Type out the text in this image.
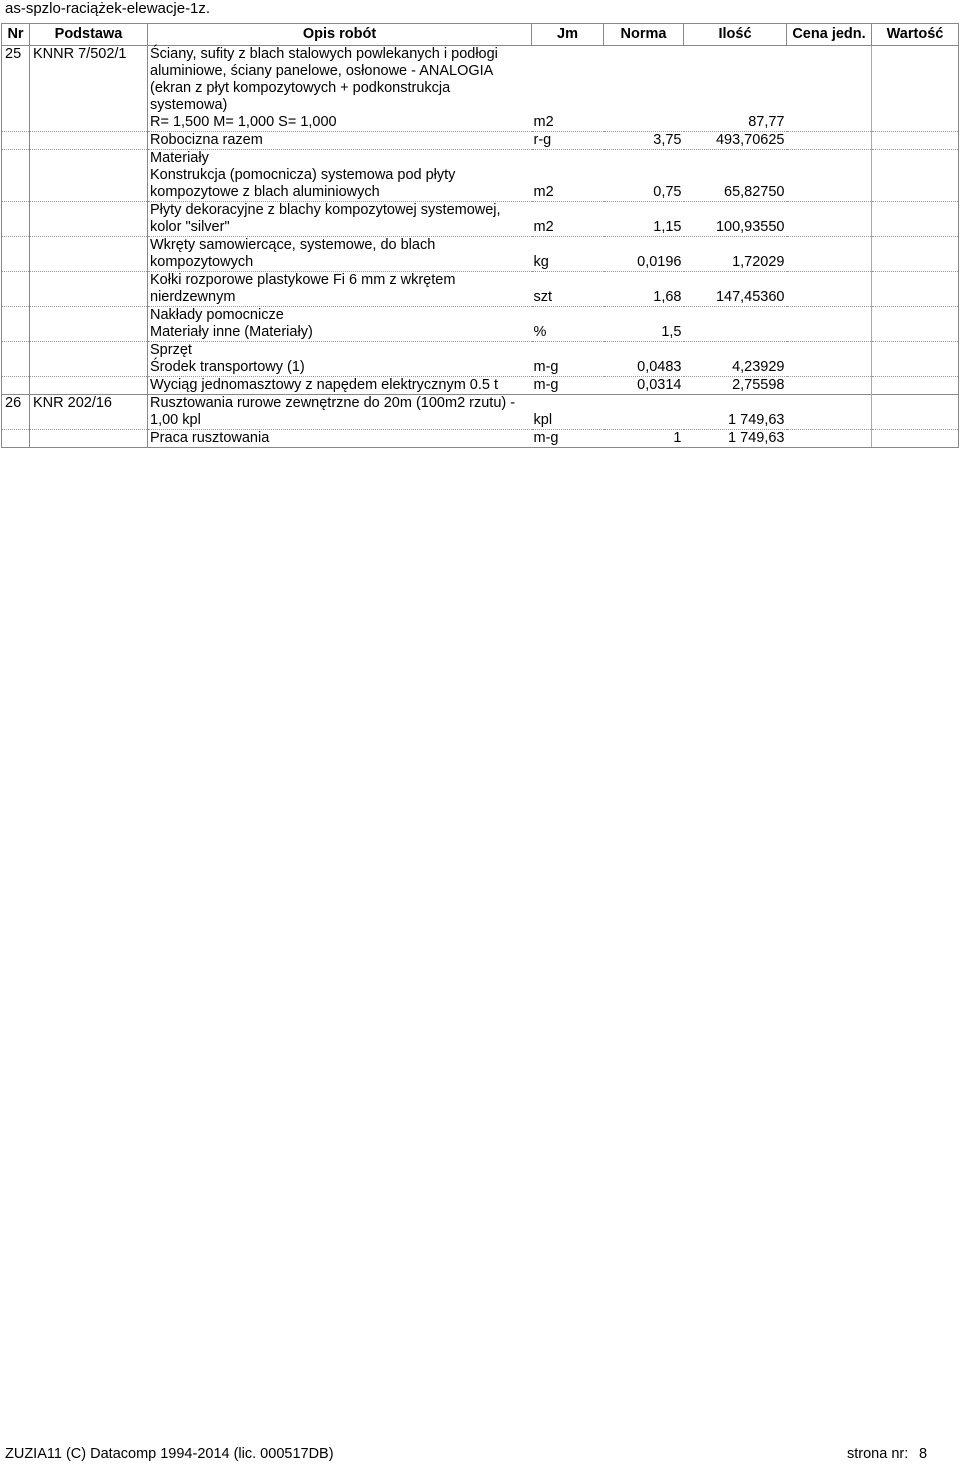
as-spzlo-raciążek-elewacje-1z.
Nr	Podstawa	Opis robót	Jm	Norma	Ilość	Cena jedn.	Wartość
25	KNNR 7/502/1	Ściany, sufity z blach stalowych powlekanych i podłogi					
		aluminiowe, ściany panelowe, osłonowe - ANALOGIA					
		(ekran z płyt kompozytowych + podkonstrukcja					
		systemowa)					
		R= 1,500 M= 1,000 S= 1,000	m2		87,77		
		Robocizna razem	r-g	3,75	493,70625		
		Materiały					
		Konstrukcja (pomocnicza) systemowa pod płyty					
		kompozytowe z blach aluminiowych	m2	0,75	65,82750		
		Płyty dekoracyjne z blachy kompozytowej systemowej,					
		kolor "silver"	m2	1,15	100,93550		
		Wkręty samowiercące, systemowe, do blach					
		kompozytowych	kg	0,0196	1,72029		
		Kołki rozporowe plastykowe Fi 6 mm z wkrętem					
		nierdzewnym	szt	1,68	147,45360		
		Nakłady pomocnicze					
		Materiały inne (Materiały)	%	1,5			
		Sprzęt					
		Środek transportowy (1)	m-g	0,0483	4,23929		
		Wyciąg jednomasztowy z napędem elektrycznym 0.5 t	m-g	0,0314	2,75598		
26	KNR 202/16	Rusztowania rurowe zewnętrzne do 20m (100m2 rzutu) -					
		1,00 kpl	kpl		1 749,63		
		Praca rusztowania	m-g	1	1 749,63		
ZUZIA11 (C) Datacomp 1994-2014 (lic. 000517DB)	strona nr: 8
